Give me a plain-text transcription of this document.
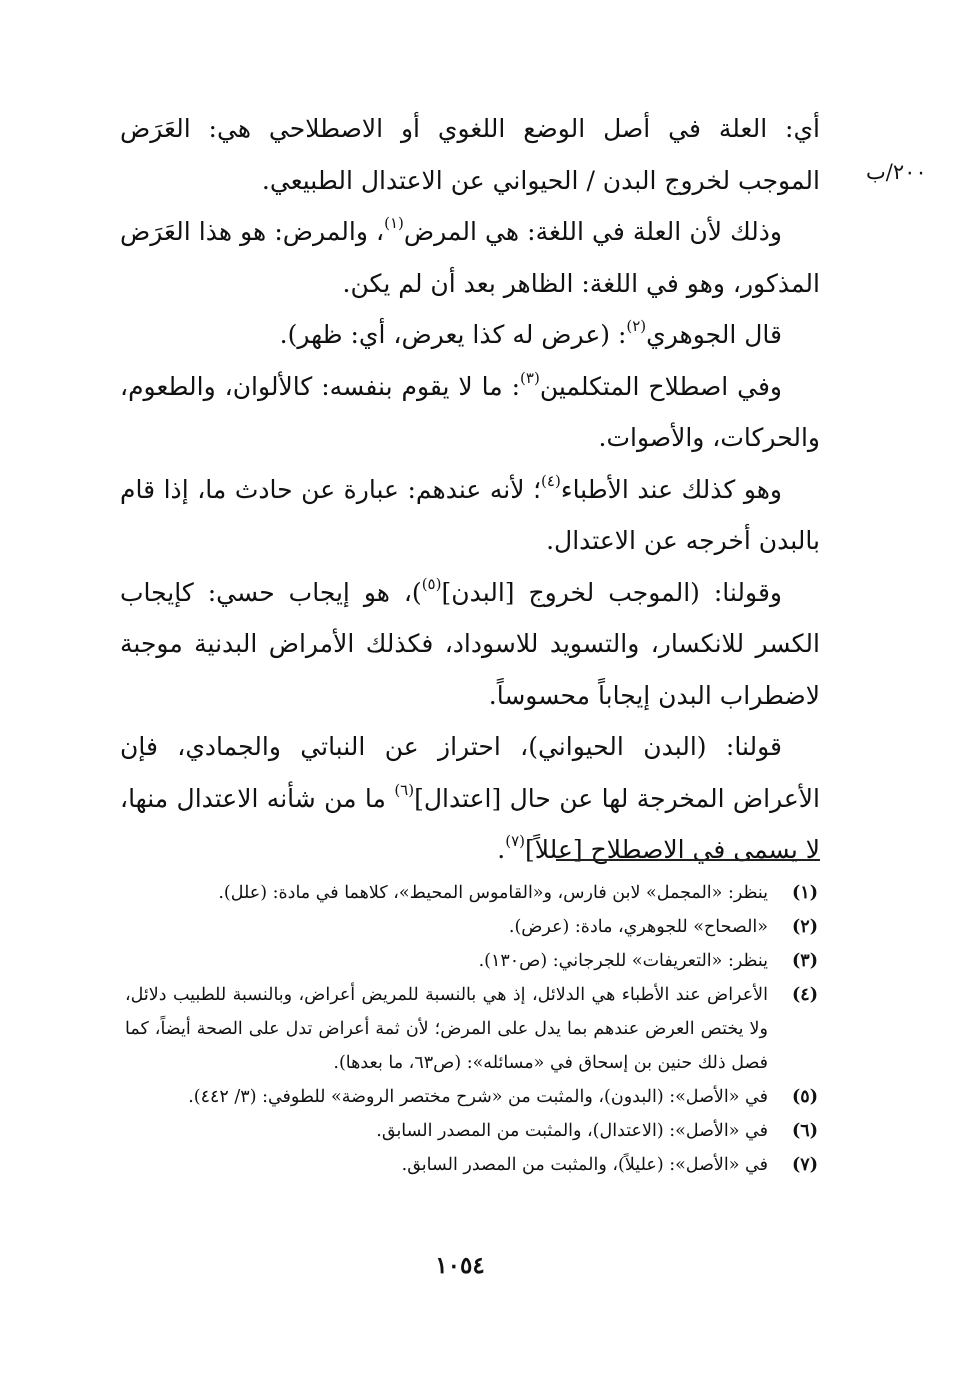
٢٠٠/ب

أي: العلة في أصل الوضع اللغوي أو الاصطلاحي هي: العَرَض الموجب لخروج البدن / الحيواني عن الاعتدال الطبيعي.

وذلك لأن العلة في اللغة: هي المرض$^{(١)}$، والمرض: هو هذا العَرَض المذكور، وهو في اللغة: الظاهر بعد أن لم يكن.

قال الجوهري$^{(٢)}$: (عرض له كذا يعرض، أي: ظهر).

وفي اصطلاح المتكلمين$^{(٣)}$: ما لا يقوم بنفسه: كالألوان، والطعوم، والحركات، والأصوات.

وهو كذلك عند الأطباء$^{(٤)}$؛ لأنه عندهم: عبارة عن حادث ما، إذا قام بالبدن أخرجه عن الاعتدال.

وقولنا: (الموجب لخروج [البدن]$^{(٥)}$)، هو إيجاب حسي: كإيجاب الكسر للانكسار، والتسويد للاسوداد، فكذلك الأمراض البدنية موجبة لاضطراب البدن إيجاباً محسوساً.

قولنا: (البدن الحيواني)، احتراز عن النباتي والجمادي، فإن الأعراض المخرجة لها عن حال [اعتدال]$^{(٦)}$ ما من شأنه الاعتدال منها، لا يسمى في الاصطلاح [عللاً]$^{(٧)}$.

(١)
ينظر: «المجمل» لابن فارس، و«القاموس المحيط»، كلاهما في مادة: (علل).
(٢)
«الصحاح» للجوهري، مادة: (عرض).
(٣)
ينظر: «التعريفات» للجرجاني: (ص١٣٠).
(٤)
الأعراض عند الأطباء هي الدلائل، إذ هي بالنسبة للمريض أعراض، وبالنسبة للطبيب دلائل، ولا يختص العرض عندهم بما يدل على المرض؛ لأن ثمة أعراض تدل على الصحة أيضاً، كما فصل ذلك حنين بن إسحاق في «مسائله»: (ص٦٣، ما بعدها).
(٥)
في «الأصل»: (البدون)، والمثبت من «شرح مختصر الروضة» للطوفي: (٣/ ٤٤٢).
(٦)
في «الأصل»: (الاعتدال)، والمثبت من المصدر السابق.
(٧)
في «الأصل»: (عليلاً)، والمثبت من المصدر السابق.
١٠٥٤
